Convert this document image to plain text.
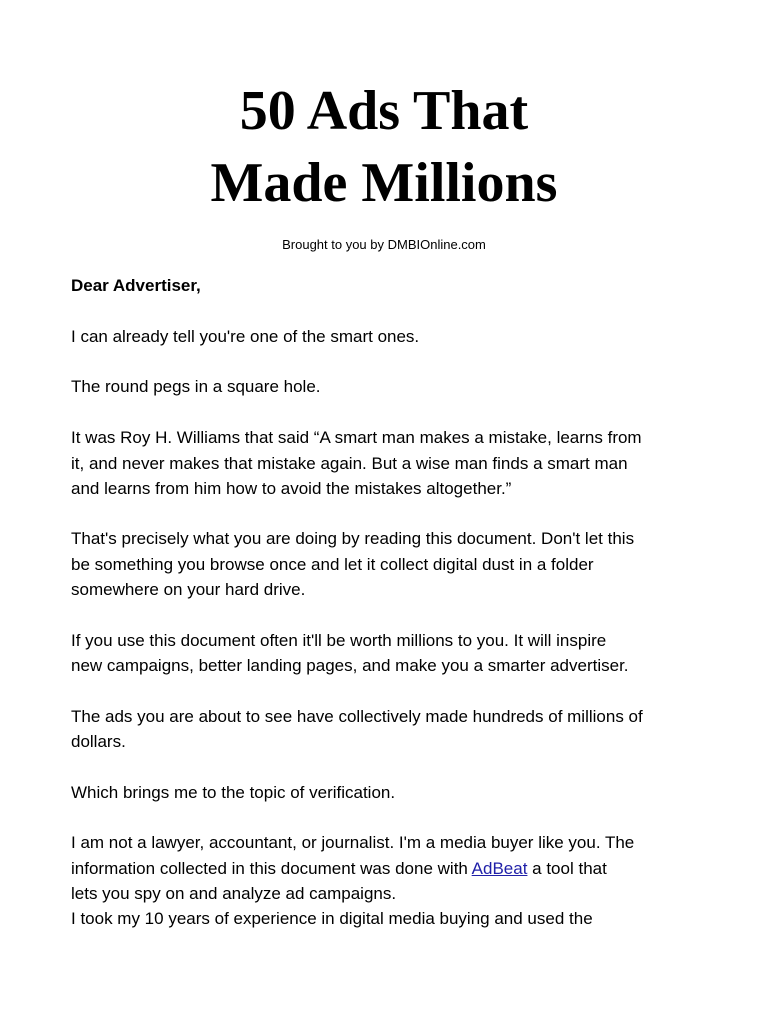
50 Ads That
Made Millions
Brought to you by DMBIOnline.com

Dear Advertiser,

I can already tell you're one of the smart ones.

The round pegs in a square hole.

It was Roy H. Williams that said “A smart man makes a mistake, learns from

it, and never makes that mistake again. But a wise man finds a smart man

and learns from him how to avoid the mistakes altogether.”

That's precisely what you are doing by reading this document. Don't let this

be something you browse once and let it collect digital dust in a folder

somewhere on your hard drive.

If you use this document often it'll be worth millions to you. It will inspire

new campaigns, better landing pages, and make you a smarter advertiser.

The ads you are about to see have collectively made hundreds of millions of

dollars.

Which brings me to the topic of verification.

I am not a lawyer, accountant, or journalist. I'm a media buyer like you. The

information collected in this document was done with AdBeat a tool that

lets you spy on and analyze ad campaigns.

I took my 10 years of experience in digital media buying and used the
